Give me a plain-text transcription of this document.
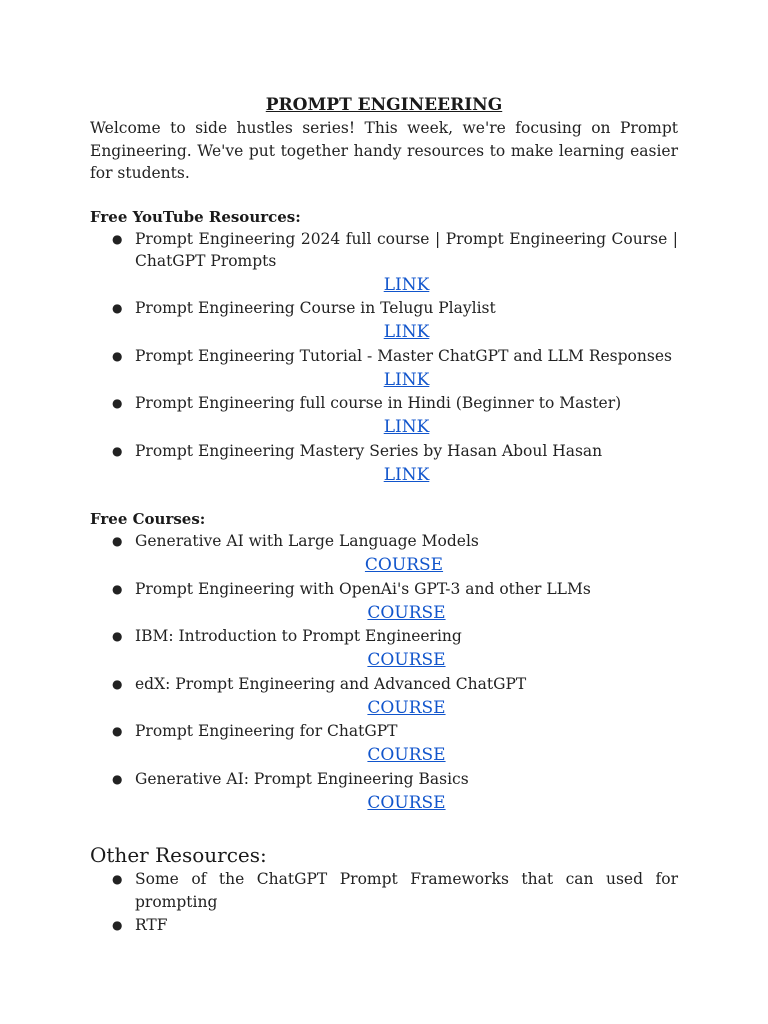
PROMPT ENGINEERING

Welcome to side hustles series! This week, we're focusing on Prompt Engineering. We've put together handy resources to make learning easier for students.

Free YouTube Resources:
● Prompt Engineering 2024 full course | Prompt Engineering Course | ChatGPT Prompts
LINK
● Prompt Engineering Course in Telugu Playlist
LINK
● Prompt Engineering Tutorial - Master ChatGPT and LLM Responses
LINK
● Prompt Engineering full course in Hindi (Beginner to Master)
LINK
● Prompt Engineering Mastery Series by Hasan Aboul Hasan
LINK
Free Courses:
● Generative AI with Large Language Models
COURSE
● Prompt Engineering with OpenAi's GPT-3 and other LLMs
COURSE
● IBM: Introduction to Prompt Engineering
COURSE
● edX: Prompt Engineering and Advanced ChatGPT
COURSE
● Prompt Engineering for ChatGPT
COURSE
● Generative AI: Prompt Engineering Basics
COURSE
Other Resources:
● Some of the ChatGPT Prompt Frameworks that can used for prompting
● RTF
